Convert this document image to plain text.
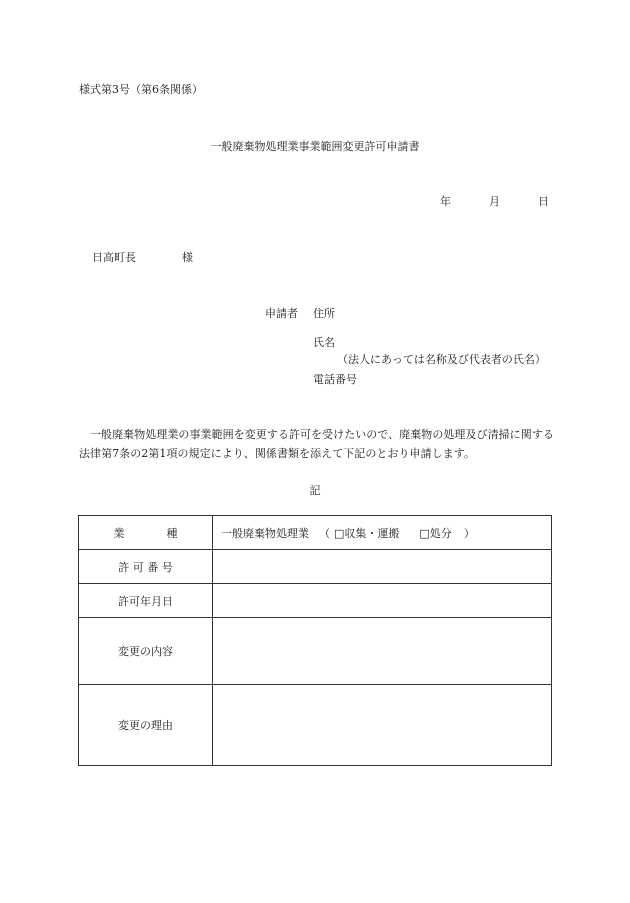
様式第3号（第6条関係）
一般廃棄物処理業事業範囲変更許可申請書
年	月	日
日高町長	様
申請者 住所
氏名
（法人にあっては名称及び代表者の氏名）
電話番号
一般廃棄物処理業の事業範囲を変更する許可を受けたいので、廃棄物の処理及び清掃に関する法律第7条の2第1項の規定により、関係書類を添えて下記のとおり申請します。
記
業 種	一般廃棄物処理業 （ □収集・運搬 □処分 ）
許 可 番 号	
許可年月日	
変更の内容	
変更の理由	
